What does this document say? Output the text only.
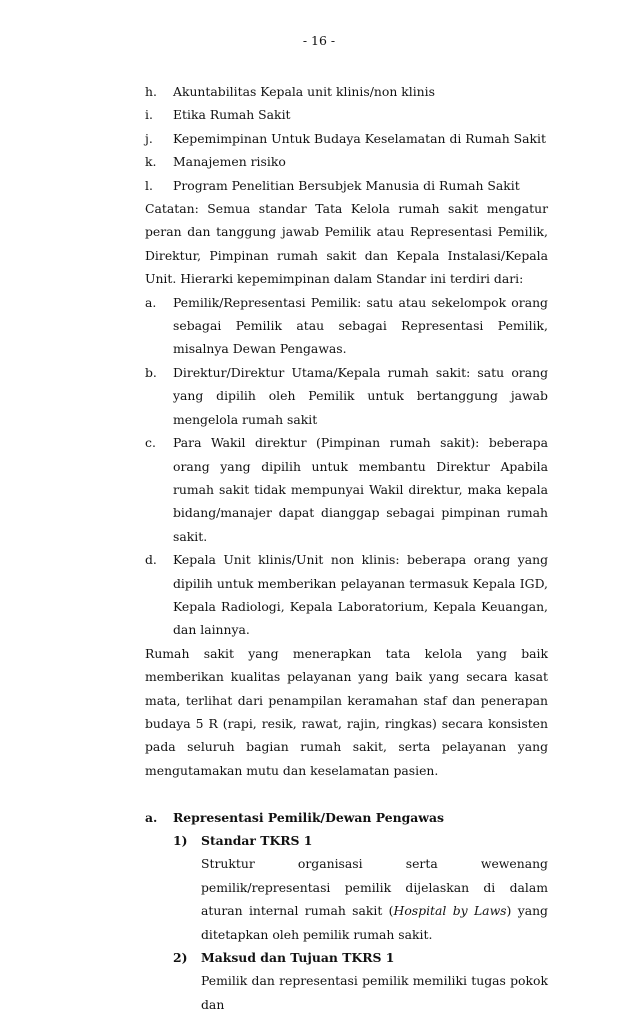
- 16 -
h.	Akuntabilitas Kepala unit klinis/non klinis
i.	Etika Rumah Sakit
j.	Kepemimpinan Untuk Budaya Keselamatan di Rumah Sakit
k.	Manajemen risiko
l.	Program Penelitian Bersubjek Manusia di Rumah Sakit
Catatan: Semua standar Tata Kelola rumah sakit mengatur peran dan tanggung jawab Pemilik atau Representasi Pemilik, Direktur, Pimpinan rumah sakit dan Kepala Instalasi/Kepala Unit. Hierarki kepemimpinan dalam Standar ini terdiri dari:
a.	Pemilik/Representasi Pemilik: satu atau sekelompok orang sebagai Pemilik atau sebagai Representasi Pemilik, misalnya Dewan Pengawas.
b.	Direktur/Direktur Utama/Kepala rumah sakit: satu orang yang dipilih oleh Pemilik untuk bertanggung jawab mengelola rumah sakit
c.	Para Wakil direktur (Pimpinan rumah sakit): beberapa orang yang dipilih untuk membantu Direktur Apabila rumah sakit tidak mempunyai Wakil direktur, maka kepala bidang/manajer dapat dianggap sebagai pimpinan rumah sakit.
d.	Kepala Unit klinis/Unit non klinis: beberapa orang yang dipilih untuk memberikan pelayanan termasuk Kepala IGD, Kepala Radiologi, Kepala Laboratorium, Kepala Keuangan, dan lainnya.
Rumah sakit yang menerapkan tata kelola yang baik memberikan kualitas pelayanan yang baik yang secara kasat mata, terlihat dari penampilan keramahan staf dan penerapan budaya 5 R (rapi, resik, rawat, rajin, ringkas) secara konsisten pada seluruh bagian rumah sakit, serta pelayanan yang mengutamakan mutu dan keselamatan pasien.
a.	Representasi Pemilik/Dewan Pengawas
1)	Standar TKRS 1
Struktur organisasi serta wewenang pemilik/representasi pemilik dijelaskan di dalam aturan internal rumah sakit (Hospital by Laws) yang ditetapkan oleh pemilik rumah sakit.
2)	Maksud dan Tujuan TKRS 1
Pemilik dan representasi pemilik memiliki tugas pokok dan
